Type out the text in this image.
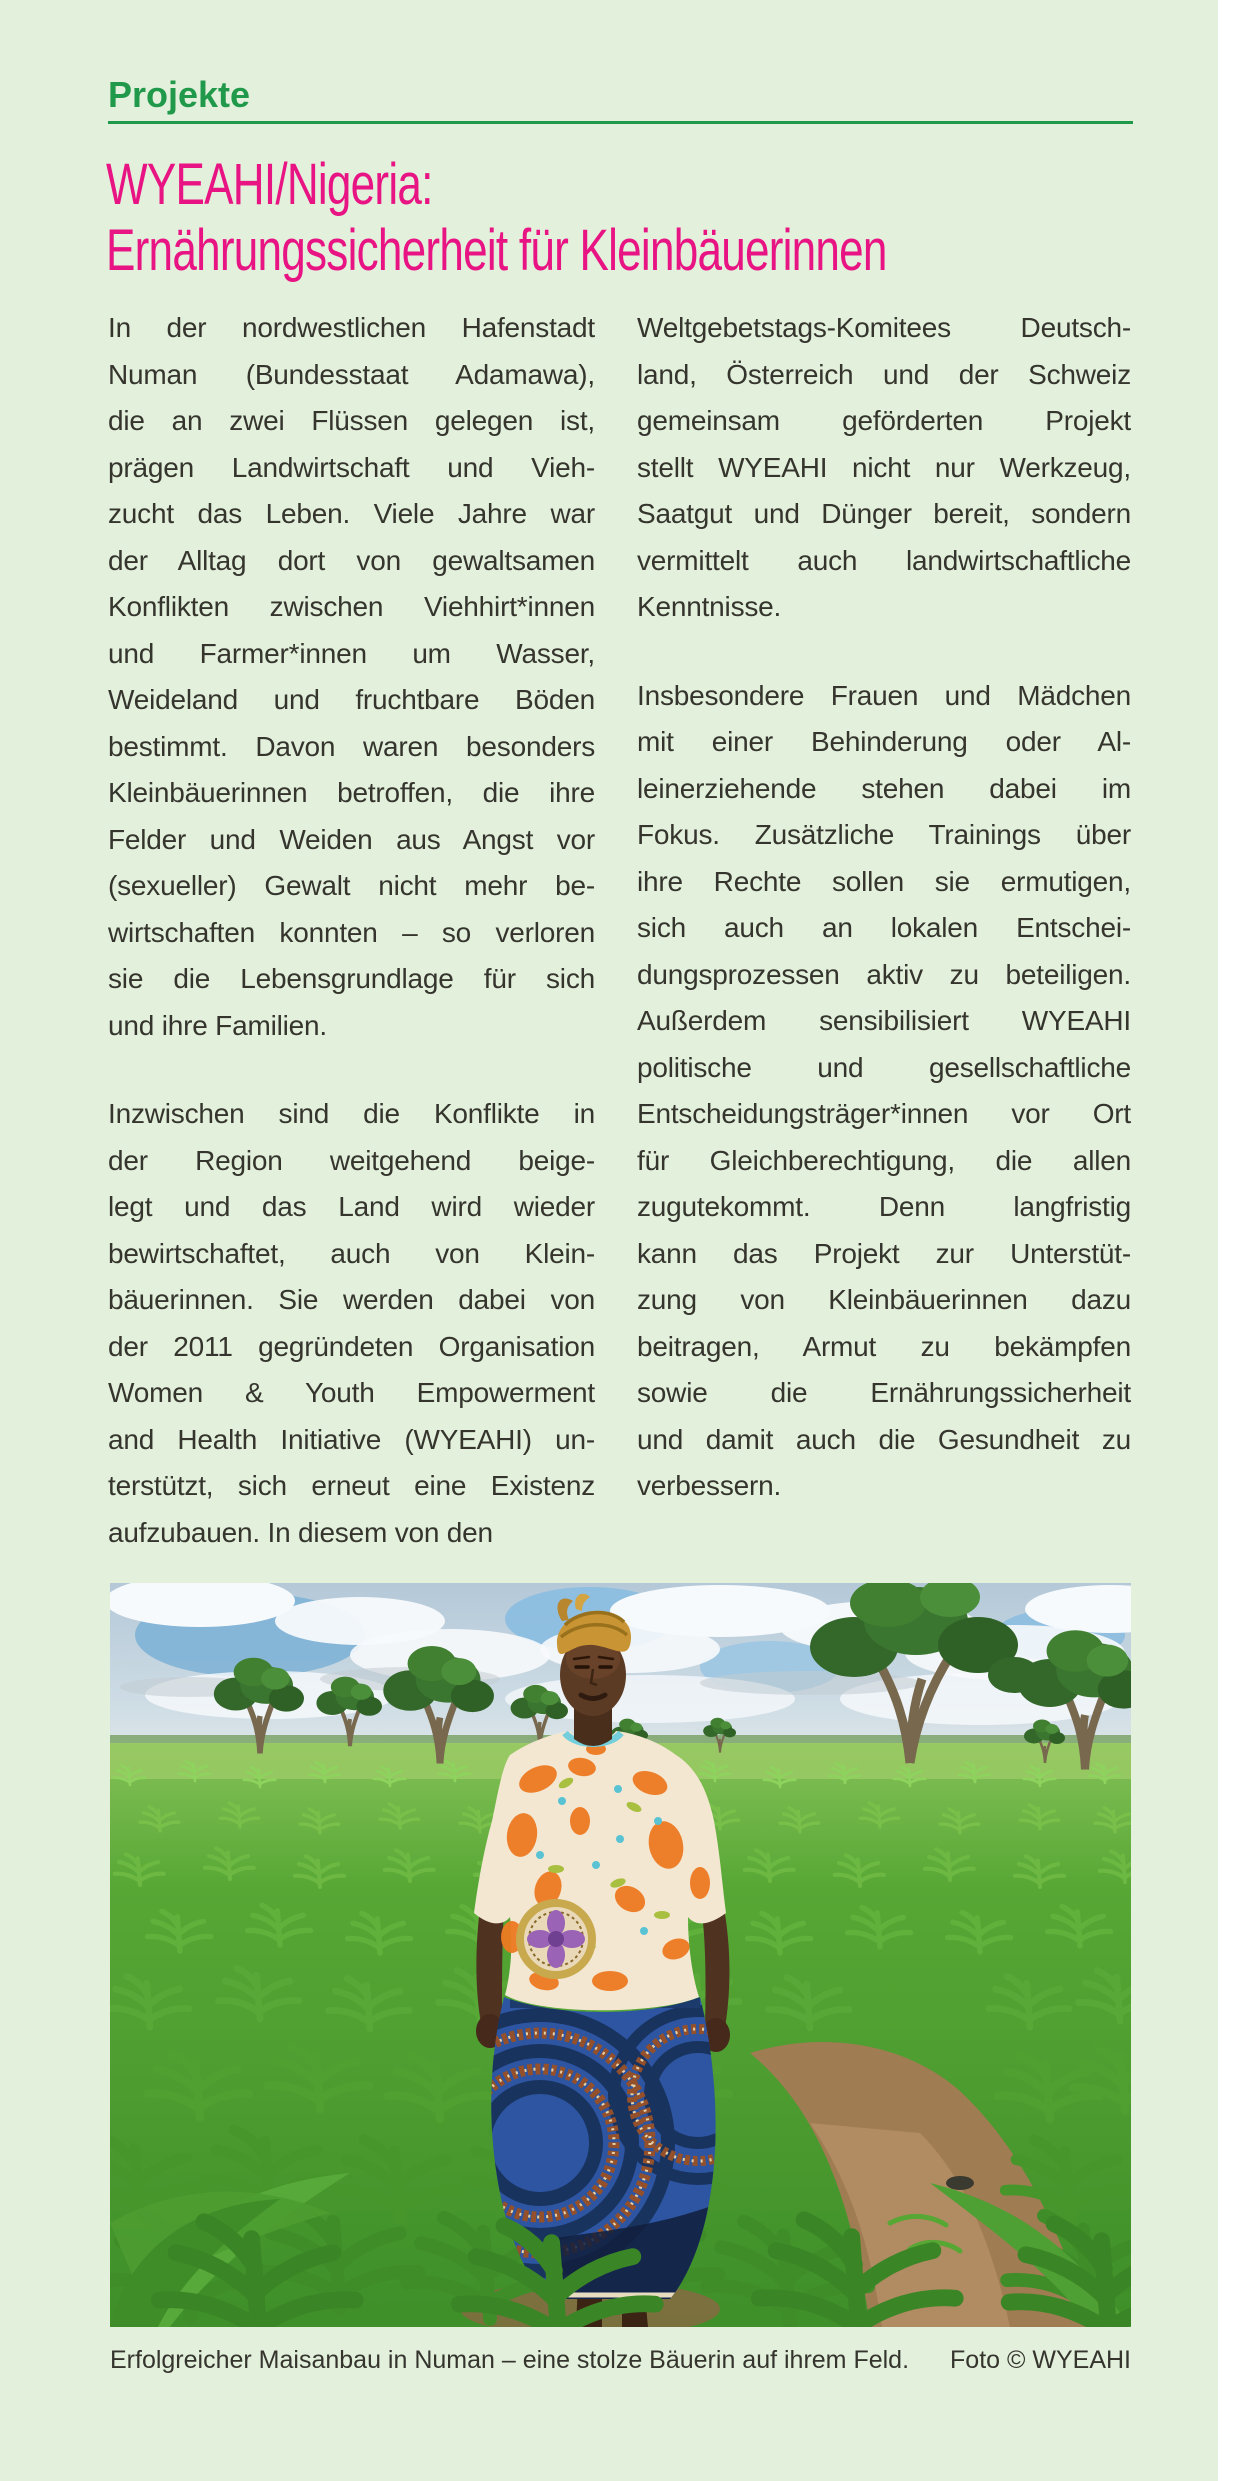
Projekte
WYEAHI/Nigeria:
Ernährungssicherheit für Kleinbäuerinnen
In der nordwestlichen Hafenstadt
Numan (Bundesstaat Adamawa),
die an zwei Flüssen gelegen ist,
prägen Landwirtschaft und Vieh-
zucht das Leben. Viele Jahre war
der Alltag dort von gewaltsamen
Konflikten zwischen Viehhirt*innen
und Farmer*innen um Wasser,
Weideland und fruchtbare Böden
bestimmt. Davon waren besonders
Kleinbäuerinnen betroffen, die ihre
Felder und Weiden aus Angst vor
(sexueller) Gewalt nicht mehr be-
wirtschaften konnten – so verloren
sie die Lebensgrundlage für sich
und ihre Familien.
Inzwischen sind die Konflikte in
der Region weitgehend beige-
legt und das Land wird wieder
bewirtschaftet, auch von Klein-
bäuerinnen. Sie werden dabei von
der 2011 gegründeten Organisation
Women & Youth Empowerment
and Health Initiative (WYEAHI) un-
terstützt, sich erneut eine Existenz
aufzubauen. In diesem von den
Weltgebetstags-Komitees Deutsch-
land, Österreich und der Schweiz
gemeinsam geförderten Projekt
stellt WYEAHI nicht nur Werkzeug,
Saatgut und Dünger bereit, sondern
vermittelt auch landwirtschaftliche
Kenntnisse.
Insbesondere Frauen und Mädchen
mit einer Behinderung oder Al-
leinerziehende stehen dabei im
Fokus. Zusätzliche Trainings über
ihre Rechte sollen sie ermutigen,
sich auch an lokalen Entschei-
dungsprozessen aktiv zu beteiligen.
Außerdem sensibilisiert WYEAHI
politische und gesellschaftliche
Entscheidungsträger*innen vor Ort
für Gleichberechtigung, die allen
zugutekommt. Denn langfristig
kann das Projekt zur Unterstüt-
zung von Kleinbäuerinnen dazu
beitragen, Armut zu bekämpfen
sowie die Ernährungssicherheit
und damit auch die Gesundheit zu
verbessern.
Erfolgreicher Maisanbau in Numan – eine stolze Bäuerin auf ihrem Feld. Foto © WYEAHI
